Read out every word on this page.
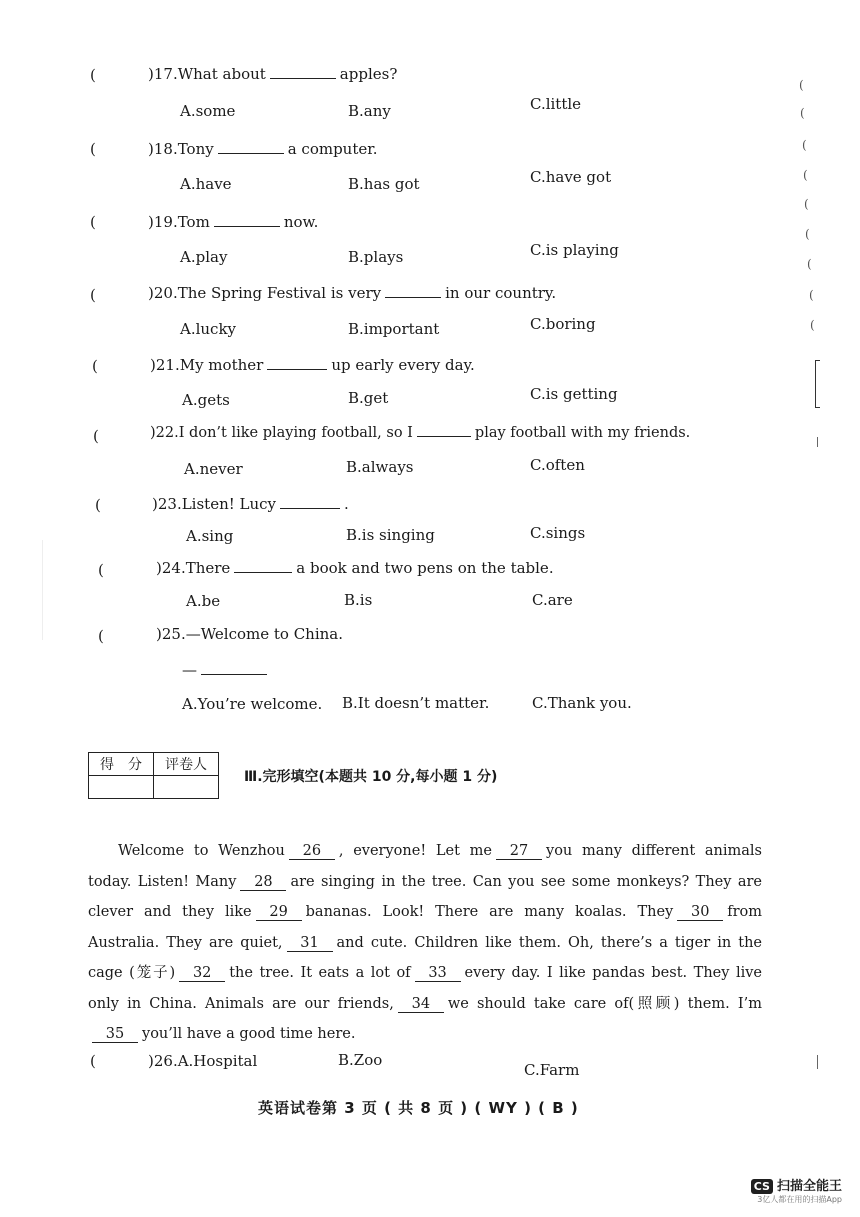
(	)17.What about	apples?
A.some	B.any	C.little
(	)18.Tony	a computer.
A.have	B.has got	C.have got
(	)19.Tom	now.
A.play	B.plays	C.is playing
(	)20.The Spring Festival is very	in our country.
A.lucky	B.important	C.boring
(	)21.My mother	up early every day.
A.gets	B.get	C.is getting
(	)22.I don’t like playing football, so I	play football with my friends.
A.never	B.always	C.often
(	)23.Listen! Lucy	.
A.sing	B.is singing	C.sings
(	)24.There	a book and two pens on the table.
A.be	B.is	C.are
(	)25.—Welcome to China.
—
A.You’re welcome. B.It doesn’t matter.	C.Thank you.
得　分	评卷人

Ⅲ.完形填空(本题共 10 分,每小题 1 分)
Welcome to Wenzhou 26 , everyone! Let me 27 you many different animals today. Listen! Many 28 are singing in the tree. Can you see some monkeys? They are clever and they like 29 bananas. Look! There are many koalas. They 30 from Australia. They are quiet, 31 and cute. Children like them. Oh, there’s a tiger in the cage (笼子) 32 the tree. It eats a lot of 33 every day. I like pandas best. They live only in China. Animals are our friends, 34 we should take care of(照顾) them. I’m35 you’ll have a good time here.
(	)26.A.Hospital	B.Zoo
C.Farm
英语试卷第 3 页 ( 共 8 页 ) ( WY ) ( B )
(
(
(
(
(
(
(
(
(
CS 扫描全能王
3亿人都在用的扫描App
